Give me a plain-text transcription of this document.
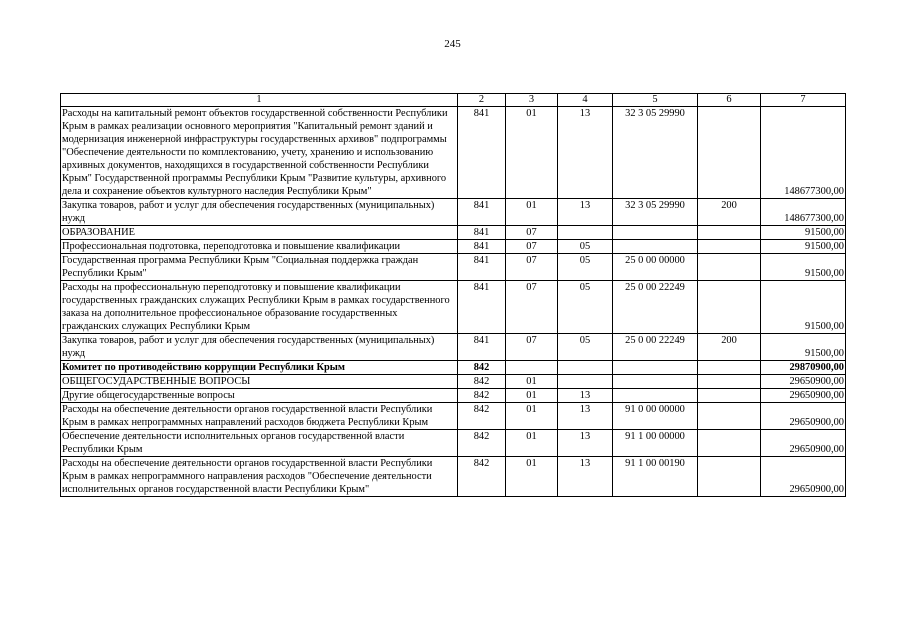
245
1	2	3	4	5	6	7
Расходы на капитальный ремонт объектов государственной собственности Республики Крым в рамках реализации основного мероприятия "Капитальный ремонт зданий и модернизация инженерной инфраструктуры государственных архивов" подпрограммы "Обеспечение деятельности по комплектованию, учету, хранению и использованию архивных документов, находящихся в государственной собственности Республики Крым" Государственной программы Республики Крым "Развитие культуры, архивного дела и сохранение объектов культурного наследия Республики Крым"	841	01	13	32 3 05 29990		148677300,00
Закупка товаров, работ и услуг для обеспечения государственных (муниципальных) нужд	841	01	13	32 3 05 29990	200	148677300,00
ОБРАЗОВАНИЕ	841	07				91500,00
Профессиональная подготовка, переподготовка и повышение квалификации	841	07	05			91500,00
Государственная программа Республики Крым "Социальная поддержка граждан Республики Крым"	841	07	05	25 0 00 00000		91500,00
Расходы на профессиональную переподготовку и повышение квалификации государственных гражданских служащих Республики Крым в рамках государственного заказа на дополнительное профессиональное образование государственных гражданских служащих Республики Крым	841	07	05	25 0 00 22249		91500,00
Закупка товаров, работ и услуг для обеспечения государственных (муниципальных) нужд	841	07	05	25 0 00 22249	200	91500,00
Комитет по противодействию коррупции Республики Крым	842					29870900,00
ОБЩЕГОСУДАРСТВЕННЫЕ ВОПРОСЫ	842	01				29650900,00
Другие общегосударственные вопросы	842	01	13			29650900,00
Расходы на обеспечение деятельности органов государственной власти Республики Крым в рамках непрограммных направлений расходов бюджета Республики Крым	842	01	13	91 0 00 00000		29650900,00
Обеспечение деятельности исполнительных органов государственной власти Республики Крым	842	01	13	91 1 00 00000		29650900,00
Расходы на обеспечение деятельности органов государственной власти Республики Крым в рамках непрограммного направления расходов "Обеспечение деятельности исполнительных органов государственной власти Республики Крым"	842	01	13	91 1 00 00190		29650900,00
